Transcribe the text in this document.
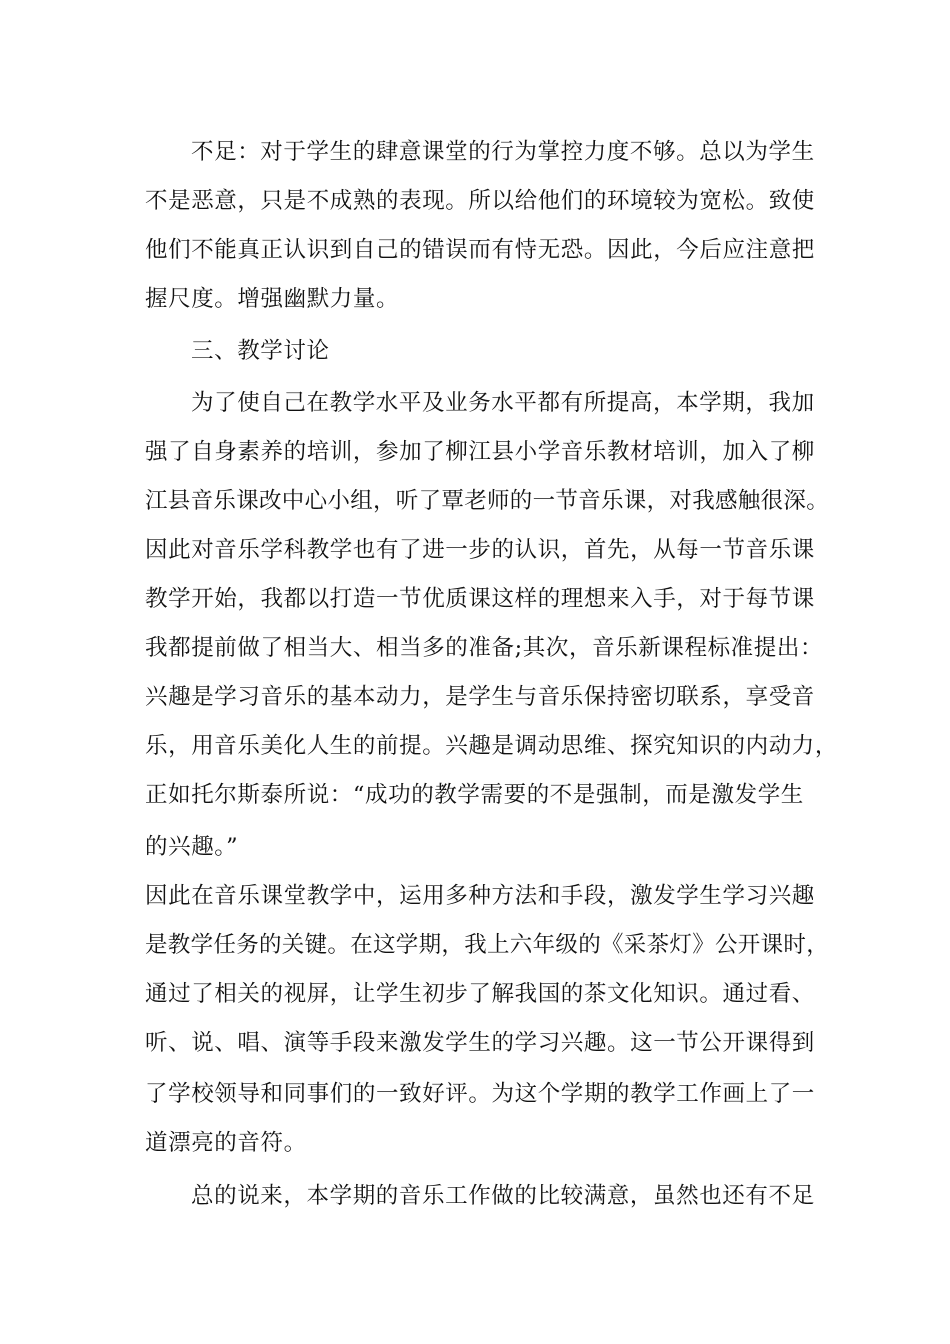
不足：对于学生的肆意课堂的行为掌控力度不够。总以为学生
不是恶意，只是不成熟的表现。所以给他们的环境较为宽松。致使
他们不能真正认识到自己的错误而有恃无恐。因此，今后应注意把
握尺度。增强幽默力量。
三、教学讨论
为了使自己在教学水平及业务水平都有所提高，本学期，我加
强了自身素养的培训，参加了柳江县小学音乐教材培训，加入了柳
江县音乐课改中心小组，听了覃老师的一节音乐课，对我感触很深。
因此对音乐学科教学也有了进一步的认识，首先，从每一节音乐课
教学开始，我都以打造一节优质课这样的理想来入手，对于每节课
我都提前做了相当大、相当多的准备;其次，音乐新课程标准提出：
兴趣是学习音乐的基本动力，是学生与音乐保持密切联系，享受音
乐，用音乐美化人生的前提。兴趣是调动思维、探究知识的内动力，
正如托尔斯泰所说：“成功的教学需要的不是强制，而是激发学生
的兴趣。”
因此在音乐课堂教学中，运用多种方法和手段，激发学生学习兴趣
是教学任务的关键。在这学期，我上六年级的《采茶灯》公开课时，
通过了相关的视屏，让学生初步了解我国的茶文化知识。通过看、
听、说、唱、演等手段来激发学生的学习兴趣。这一节公开课得到
了学校领导和同事们的一致好评。为这个学期的教学工作画上了一
道漂亮的音符。
总的说来，本学期的音乐工作做的比较满意，虽然也还有不足
